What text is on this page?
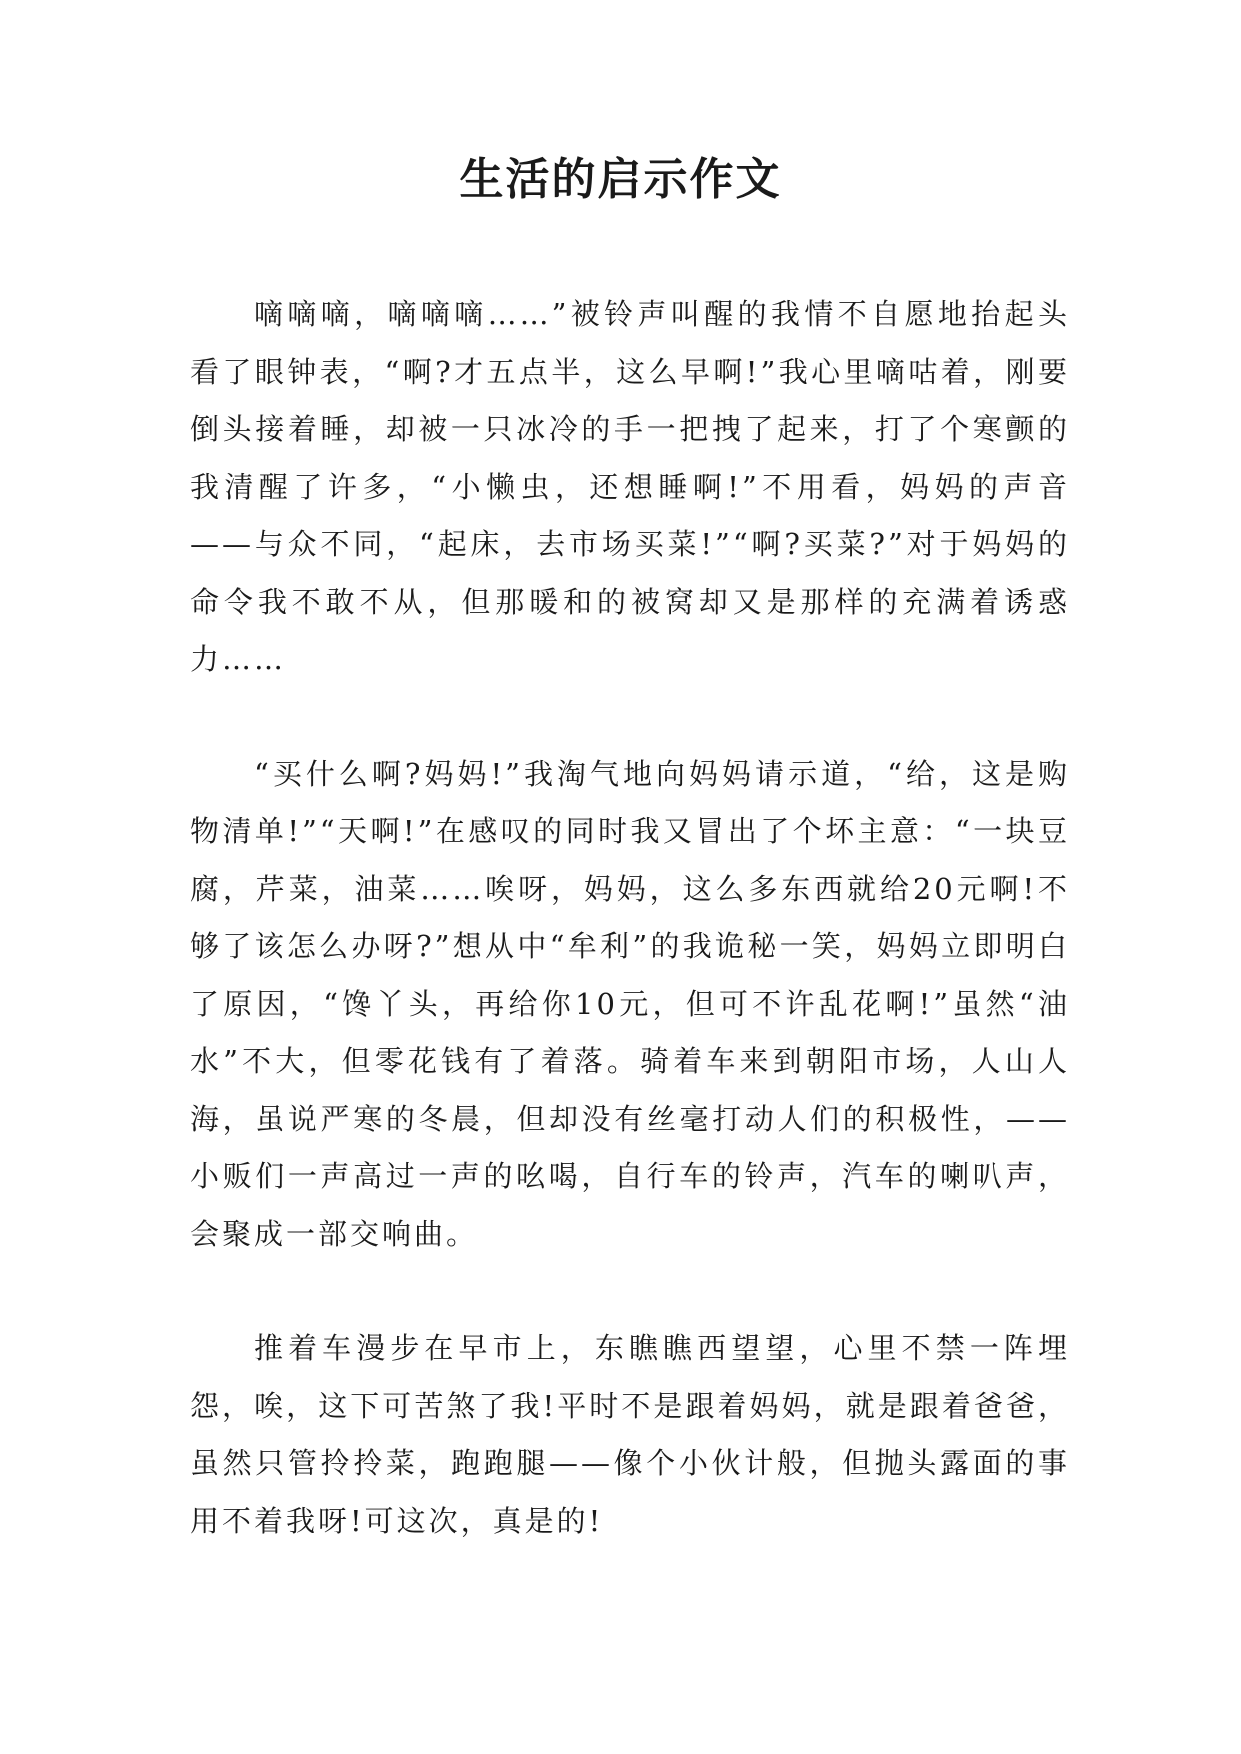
生活的启示作文

嘀嘀嘀，嘀嘀嘀……”被铃声叫醒的我情不自愿地抬起头看了眼钟表，“啊?才五点半，这么早啊!”我心里嘀咕着，刚要倒头接着睡，却被一只冰冷的手一把拽了起来，打了个寒颤的我清醒了许多，“小懒虫，还想睡啊!”不用看，妈妈的声音——与众不同，“起床，去市场买菜!”“啊?买菜?”对于妈妈的命令我不敢不从，但那暖和的被窝却又是那样的充满着诱惑力……

“买什么啊?妈妈!”我淘气地向妈妈请示道，“给，这是购物清单!”“天啊!”在感叹的同时我又冒出了个坏主意：“一块豆腐，芹菜，油菜……唉呀，妈妈，这么多东西就给20元啊!不够了该怎么办呀?”想从中“牟利”的我诡秘一笑，妈妈立即明白了原因，“馋丫头，再给你10元，但可不许乱花啊!”虽然“油水”不大，但零花钱有了着落。骑着车来到朝阳市场，人山人海，虽说严寒的冬晨，但却没有丝毫打动人们的积极性，——小贩们一声高过一声的吆喝，自行车的铃声，汽车的喇叭声，会聚成一部交响曲。

推着车漫步在早市上，东瞧瞧西望望，心里不禁一阵埋怨，唉，这下可苦煞了我!平时不是跟着妈妈，就是跟着爸爸，虽然只管拎拎菜，跑跑腿——像个小伙计般，但抛头露面的事用不着我呀!可这次，真是的!
